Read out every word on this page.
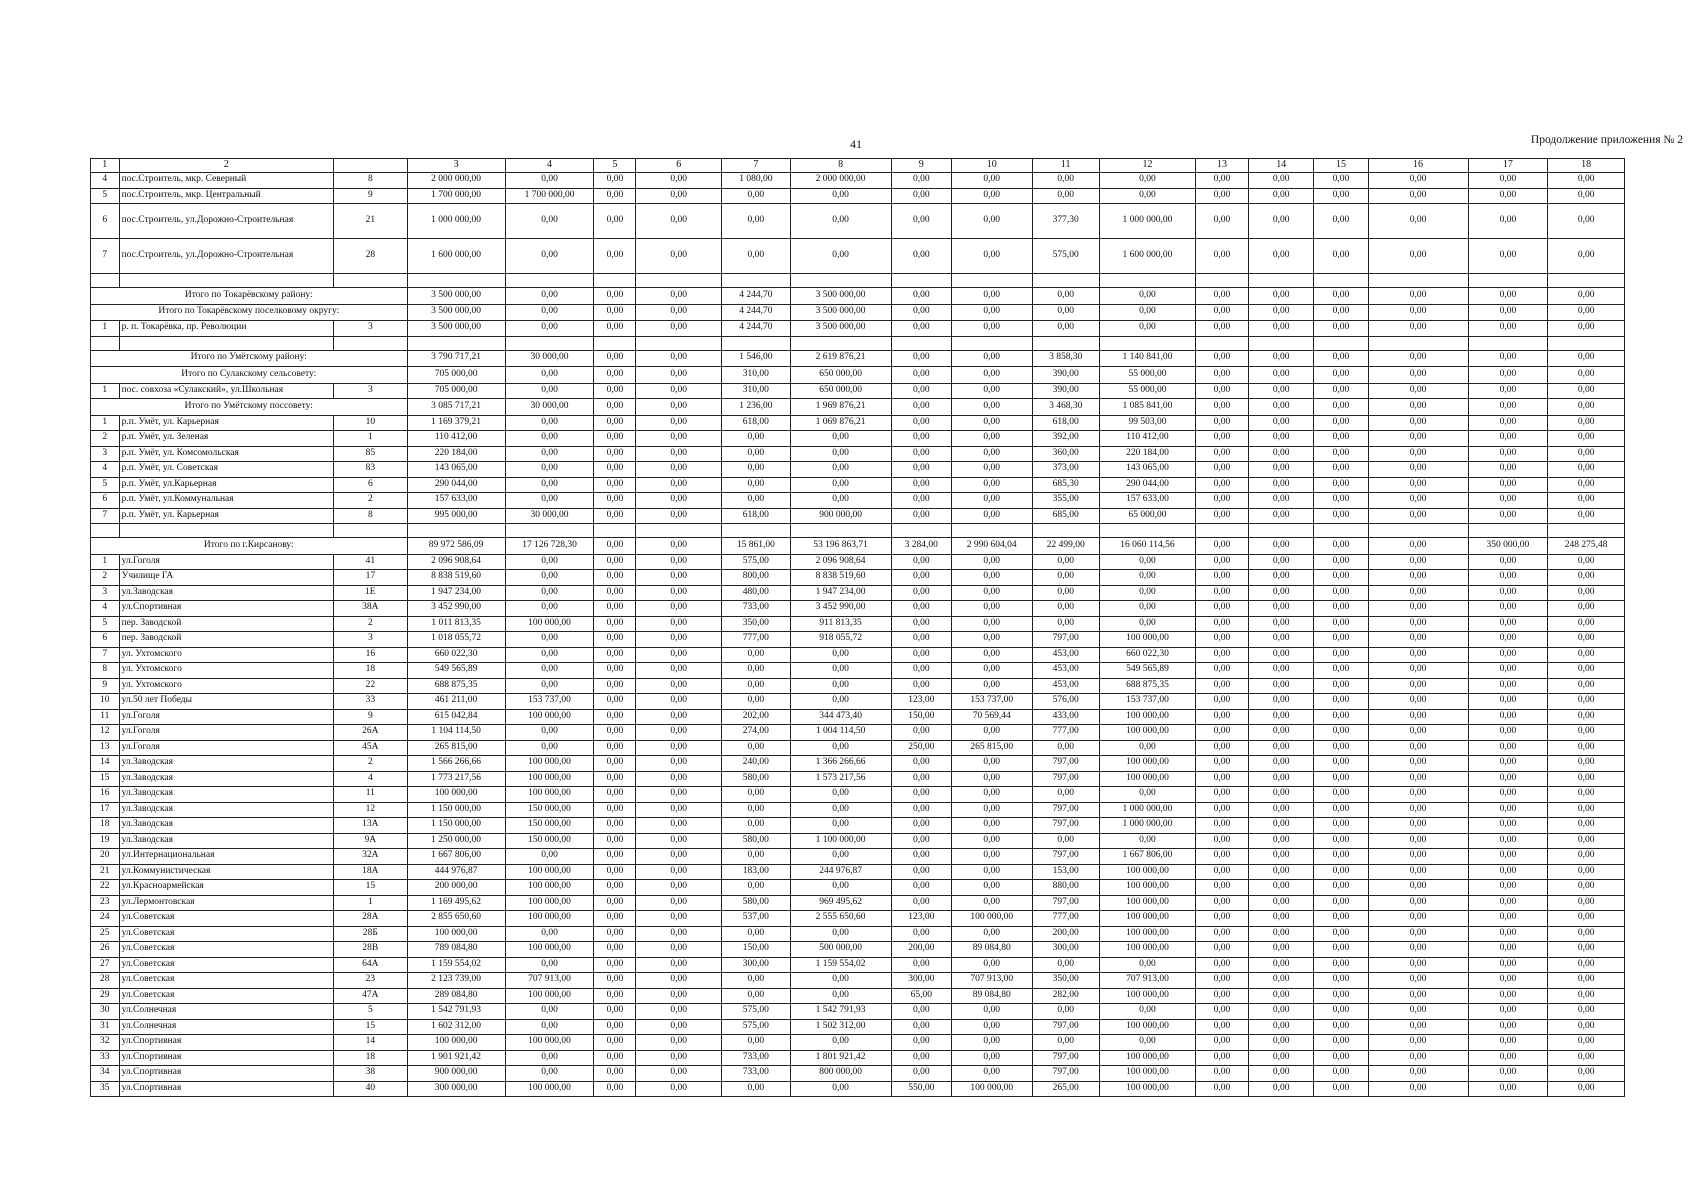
41	Продолжение приложения № 2
1	2		3	4	5	6	7	8	9	10	11	12	13	14	15	16	17	18
4	пос.Строитель, мкр. Северный	8	2 000 000,00	0,00	0,00	0,00	1 080,00	2 000 000,00	0,00	0,00	0,00	0,00	0,00	0,00	0,00	0,00	0,00	0,00
5	пос.Строитель, мкр. Центральный	9	1 700 000,00	1 700 000,00	0,00	0,00	0,00	0,00	0,00	0,00	0,00	0,00	0,00	0,00	0,00	0,00	0,00	0,00
6	пос.Строитель, ул.Дорожно-Строительная	21	1 000 000,00	0,00	0,00	0,00	0,00	0,00	0,00	0,00	377,30	1 000 000,00	0,00	0,00	0,00	0,00	0,00	0,00
7	пос.Строитель, ул.Дорожно-Строительная	28	1 600 000,00	0,00	0,00	0,00	0,00	0,00	0,00	0,00	575,00	1 600 000,00	0,00	0,00	0,00	0,00	0,00	0,00

Итого по Токарёвскому району:			3 500 000,00	0,00	0,00	0,00	4 244,70	3 500 000,00	0,00	0,00	0,00	0,00	0,00	0,00	0,00	0,00	0,00	0,00
Итого по Токарёвскому поселковому округу:			3 500 000,00	0,00	0,00	0,00	4 244,70	3 500 000,00	0,00	0,00	0,00	0,00	0,00	0,00	0,00	0,00	0,00	0,00
1	р. п. Токарёвка, пр. Революции	3	3 500 000,00	0,00	0,00	0,00	4 244,70	3 500 000,00	0,00	0,00	0,00	0,00	0,00	0,00	0,00	0,00	0,00	0,00

Итого по Умётскому району:			3 790 717,21	30 000,00	0,00	0,00	1 546,00	2 619 876,21	0,00	0,00	3 858,30	1 140 841,00	0,00	0,00	0,00	0,00	0,00	0,00
Итого по Сулакскому сельсовету:			705 000,00	0,00	0,00	0,00	310,00	650 000,00	0,00	0,00	390,00	55 000,00	0,00	0,00	0,00	0,00	0,00	0,00
1	пос. совхоза «Сулакский», ул.Школьная	3	705 000,00	0,00	0,00	0,00	310,00	650 000,00	0,00	0,00	390,00	55 000,00	0,00	0,00	0,00	0,00	0,00	0,00
Итого по Умётскому поссовету:			3 085 717,21	30 000,00	0,00	0,00	1 236,00	1 969 876,21	0,00	0,00	3 468,30	1 085 841,00	0,00	0,00	0,00	0,00	0,00	0,00
1	р.п. Умёт, ул. Карьерная	10	1 169 379,21	0,00	0,00	0,00	618,00	1 069 876,21	0,00	0,00	618,00	99 503,00	0,00	0,00	0,00	0,00	0,00	0,00
2	р.п. Умёт, ул. Зеленая	1	110 412,00	0,00	0,00	0,00	0,00	0,00	0,00	0,00	392,00	110 412,00	0,00	0,00	0,00	0,00	0,00	0,00
3	р.п. Умёт, ул. Комсомольская	85	220 184,00	0,00	0,00	0,00	0,00	0,00	0,00	0,00	360,00	220 184,00	0,00	0,00	0,00	0,00	0,00	0,00
4	р.п. Умёт, ул. Советская	83	143 065,00	0,00	0,00	0,00	0,00	0,00	0,00	0,00	373,00	143 065,00	0,00	0,00	0,00	0,00	0,00	0,00
5	р.п. Умёт, ул.Карьерная	6	290 044,00	0,00	0,00	0,00	0,00	0,00	0,00	0,00	685,30	290 044,00	0,00	0,00	0,00	0,00	0,00	0,00
6	р.п. Умёт, ул.Коммунальная	2	157 633,00	0,00	0,00	0,00	0,00	0,00	0,00	0,00	355,00	157 633,00	0,00	0,00	0,00	0,00	0,00	0,00
7	р.п. Умёт, ул. Карьерная	8	995 000,00	30 000,00	0,00	0,00	618,00	900 000,00	0,00	0,00	685,00	65 000,00	0,00	0,00	0,00	0,00	0,00	0,00

Итого по г.Кирсанову:			89 972 586,09	17 126 728,30	0,00	0,00	15 861,00	53 196 863,71	3 284,00	2 990 604,04	22 499,00	16 060 114,56	0,00	0,00	0,00	0,00	350 000,00	248 275,48
1	ул.Гоголя	41	2 096 908,64	0,00	0,00	0,00	575,00	2 096 908,64	0,00	0,00	0,00	0,00	0,00	0,00	0,00	0,00	0,00	0,00
2	Училище ГА	17	8 838 519,60	0,00	0,00	0,00	800,00	8 838 519,60	0,00	0,00	0,00	0,00	0,00	0,00	0,00	0,00	0,00	0,00
3	ул.Заводская	1Е	1 947 234,00	0,00	0,00	0,00	480,00	1 947 234,00	0,00	0,00	0,00	0,00	0,00	0,00	0,00	0,00	0,00	0,00
4	ул.Спортивная	38А	3 452 990,00	0,00	0,00	0,00	733,00	3 452 990,00	0,00	0,00	0,00	0,00	0,00	0,00	0,00	0,00	0,00	0,00
5	пер. Заводской	2	1 011 813,35	100 000,00	0,00	0,00	350,00	911 813,35	0,00	0,00	0,00	0,00	0,00	0,00	0,00	0,00	0,00	0,00
6	пер. Заводской	3	1 018 055,72	0,00	0,00	0,00	777,00	918 055,72	0,00	0,00	797,00	100 000,00	0,00	0,00	0,00	0,00	0,00	0,00
7	ул. Ухтомского	16	660 022,30	0,00	0,00	0,00	0,00	0,00	0,00	0,00	453,00	660 022,30	0,00	0,00	0,00	0,00	0,00	0,00
8	ул. Ухтомского	18	549 565,89	0,00	0,00	0,00	0,00	0,00	0,00	0,00	453,00	549 565,89	0,00	0,00	0,00	0,00	0,00	0,00
9	ул. Ухтомского	22	688 875,35	0,00	0,00	0,00	0,00	0,00	0,00	0,00	453,00	688 875,35	0,00	0,00	0,00	0,00	0,00	0,00
10	ул.50 лет Победы	33	461 211,00	153 737,00	0,00	0,00	0,00	0,00	123,00	153 737,00	576,00	153 737,00	0,00	0,00	0,00	0,00	0,00	0,00
11	ул.Гоголя	9	615 042,84	100 000,00	0,00	0,00	202,00	344 473,40	150,00	70 569,44	433,00	100 000,00	0,00	0,00	0,00	0,00	0,00	0,00
12	ул.Гоголя	26А	1 104 114,50	0,00	0,00	0,00	274,00	1 004 114,50	0,00	0,00	777,00	100 000,00	0,00	0,00	0,00	0,00	0,00	0,00
13	ул.Гоголя	45А	265 815,00	0,00	0,00	0,00	0,00	0,00	250,00	265 815,00	0,00	0,00	0,00	0,00	0,00	0,00	0,00	0,00
14	ул.Заводская	2	1 566 266,66	100 000,00	0,00	0,00	240,00	1 366 266,66	0,00	0,00	797,00	100 000,00	0,00	0,00	0,00	0,00	0,00	0,00
15	ул.Заводская	4	1 773 217,56	100 000,00	0,00	0,00	580,00	1 573 217,56	0,00	0,00	797,00	100 000,00	0,00	0,00	0,00	0,00	0,00	0,00
16	ул.Заводская	11	100 000,00	100 000,00	0,00	0,00	0,00	0,00	0,00	0,00	0,00	0,00	0,00	0,00	0,00	0,00	0,00	0,00
17	ул.Заводская	12	1 150 000,00	150 000,00	0,00	0,00	0,00	0,00	0,00	0,00	797,00	1 000 000,00	0,00	0,00	0,00	0,00	0,00	0,00
18	ул.Заводская	13А	1 150 000,00	150 000,00	0,00	0,00	0,00	0,00	0,00	0,00	797,00	1 000 000,00	0,00	0,00	0,00	0,00	0,00	0,00
19	ул.Заводская	9А	1 250 000,00	150 000,00	0,00	0,00	580,00	1 100 000,00	0,00	0,00	0,00	0,00	0,00	0,00	0,00	0,00	0,00	0,00
20	ул.Интернациональная	32А	1 667 806,00	0,00	0,00	0,00	0,00	0,00	0,00	0,00	797,00	1 667 806,00	0,00	0,00	0,00	0,00	0,00	0,00
21	ул.Коммунистическая	18А	444 976,87	100 000,00	0,00	0,00	183,00	244 976,87	0,00	0,00	153,00	100 000,00	0,00	0,00	0,00	0,00	0,00	0,00
22	ул.Красноармейская	15	200 000,00	100 000,00	0,00	0,00	0,00	0,00	0,00	0,00	880,00	100 000,00	0,00	0,00	0,00	0,00	0,00	0,00
23	ул.Лермонтовская	1	1 169 495,62	100 000,00	0,00	0,00	580,00	969 495,62	0,00	0,00	797,00	100 000,00	0,00	0,00	0,00	0,00	0,00	0,00
24	ул.Советская	28А	2 855 650,60	100 000,00	0,00	0,00	537,00	2 555 650,60	123,00	100 000,00	777,00	100 000,00	0,00	0,00	0,00	0,00	0,00	0,00
25	ул.Советская	28Б	100 000,00	0,00	0,00	0,00	0,00	0,00	0,00	0,00	200,00	100 000,00	0,00	0,00	0,00	0,00	0,00	0,00
26	ул.Советская	28В	789 084,80	100 000,00	0,00	0,00	150,00	500 000,00	200,00	89 084,80	300,00	100 000,00	0,00	0,00	0,00	0,00	0,00	0,00
27	ул.Советская	64А	1 159 554,02	0,00	0,00	0,00	300,00	1 159 554,02	0,00	0,00	0,00	0,00	0,00	0,00	0,00	0,00	0,00	0,00
28	ул.Советская	23	2 123 739,00	707 913,00	0,00	0,00	0,00	0,00	300,00	707 913,00	350,00	707 913,00	0,00	0,00	0,00	0,00	0,00	0,00
29	ул.Советская	47А	289 084,80	100 000,00	0,00	0,00	0,00	0,00	65,00	89 084,80	282,00	100 000,00	0,00	0,00	0,00	0,00	0,00	0,00
30	ул.Солнечная	5	1 542 791,93	0,00	0,00	0,00	575,00	1 542 791,93	0,00	0,00	0,00	0,00	0,00	0,00	0,00	0,00	0,00	0,00
31	ул.Солнечная	15	1 602 312,00	0,00	0,00	0,00	575,00	1 502 312,00	0,00	0,00	797,00	100 000,00	0,00	0,00	0,00	0,00	0,00	0,00
32	ул.Спортивная	14	100 000,00	100 000,00	0,00	0,00	0,00	0,00	0,00	0,00	0,00	0,00	0,00	0,00	0,00	0,00	0,00	0,00
33	ул.Спортивная	18	1 901 921,42	0,00	0,00	0,00	733,00	1 801 921,42	0,00	0,00	797,00	100 000,00	0,00	0,00	0,00	0,00	0,00	0,00
34	ул.Спортивная	38	900 000,00	0,00	0,00	0,00	733,00	800 000,00	0,00	0,00	797,00	100 000,00	0,00	0,00	0,00	0,00	0,00	0,00
35	ул.Спортивная	40	300 000,00	100 000,00	0,00	0,00	0,00	0,00	550,00	100 000,00	265,00	100 000,00	0,00	0,00	0,00	0,00	0,00	0,00
